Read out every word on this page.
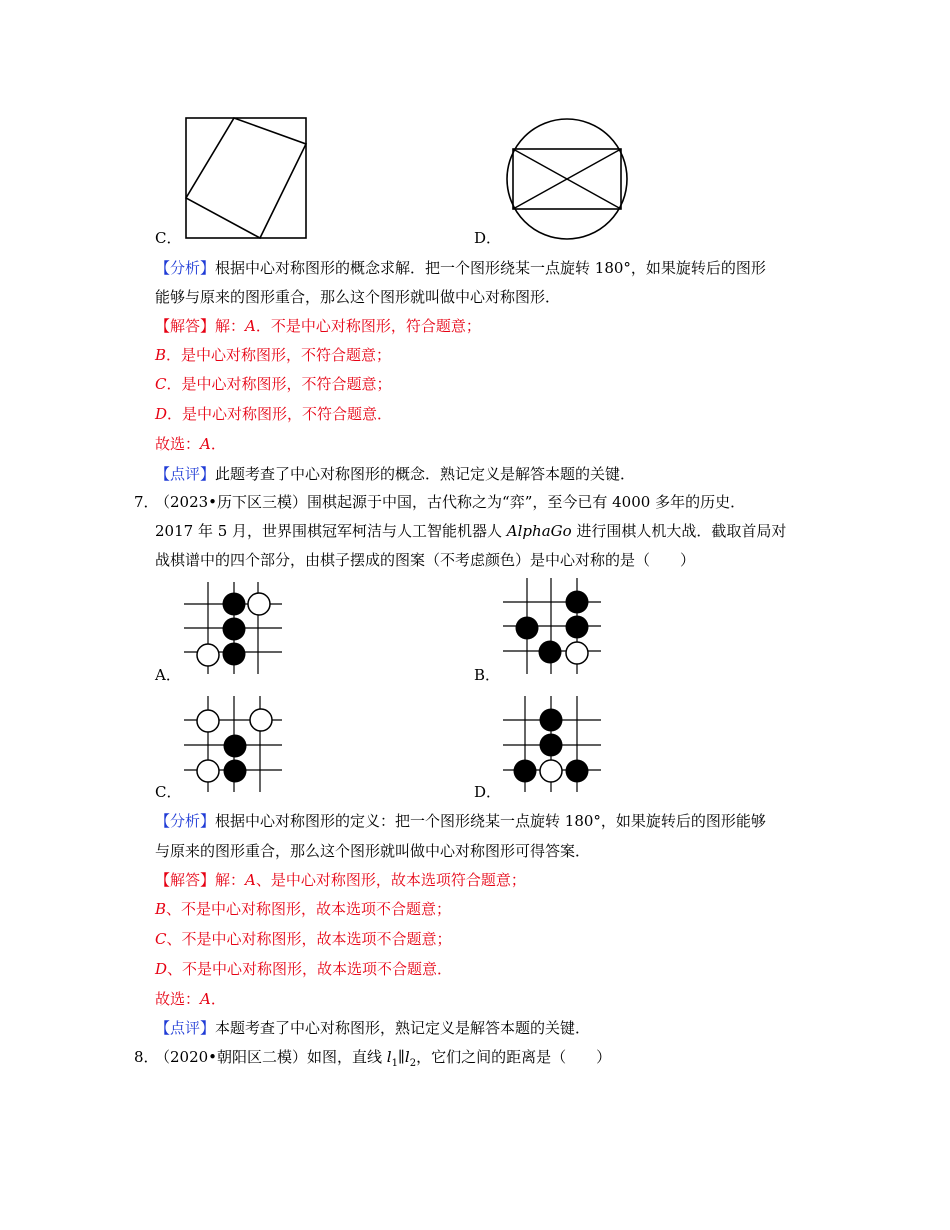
C．	D．
【分析】根据中心对称图形的概念求解．把一个图形绕某一点旋转 180°，如果旋转后的图形
能够与原来的图形重合，那么这个图形就叫做中心对称图形．
【解答】解：A．不是中心对称图形，符合题意；
B．是中心对称图形，不符合题意；
C．是中心对称图形，不符合题意；
D．是中心对称图形，不符合题意．
故选：A．
【点评】此题考查了中心对称图形的概念．熟记定义是解答本题的关键．
7．
（2023•历下区三模）围棋起源于中国，古代称之为“弈”，至今已有 4000 多年的历史．
2017 年 5 月，世界围棋冠军柯洁与人工智能机器人 AlphaGo 进行围棋人机大战．截取首局对
战棋谱中的四个部分，由棋子摆成的图案（不考虑颜色）是中心对称的是（　　）
A．	B．
C．	D．
【分析】根据中心对称图形的定义：把一个图形绕某一点旋转 180°，如果旋转后的图形能够
与原来的图形重合，那么这个图形就叫做中心对称图形可得答案．
【解答】解：A、是中心对称图形，故本选项符合题意；
B、不是中心对称图形，故本选项不合题意；
C、不是中心对称图形，故本选项不合题意；
D、不是中心对称图形，故本选项不合题意．
故选：A．
【点评】本题考查了中心对称图形，熟记定义是解答本题的关键．
8．
（2020•朝阳区二模）如图，直线 $l_1\parallel l_2$，它们之间的距离是（　　）
